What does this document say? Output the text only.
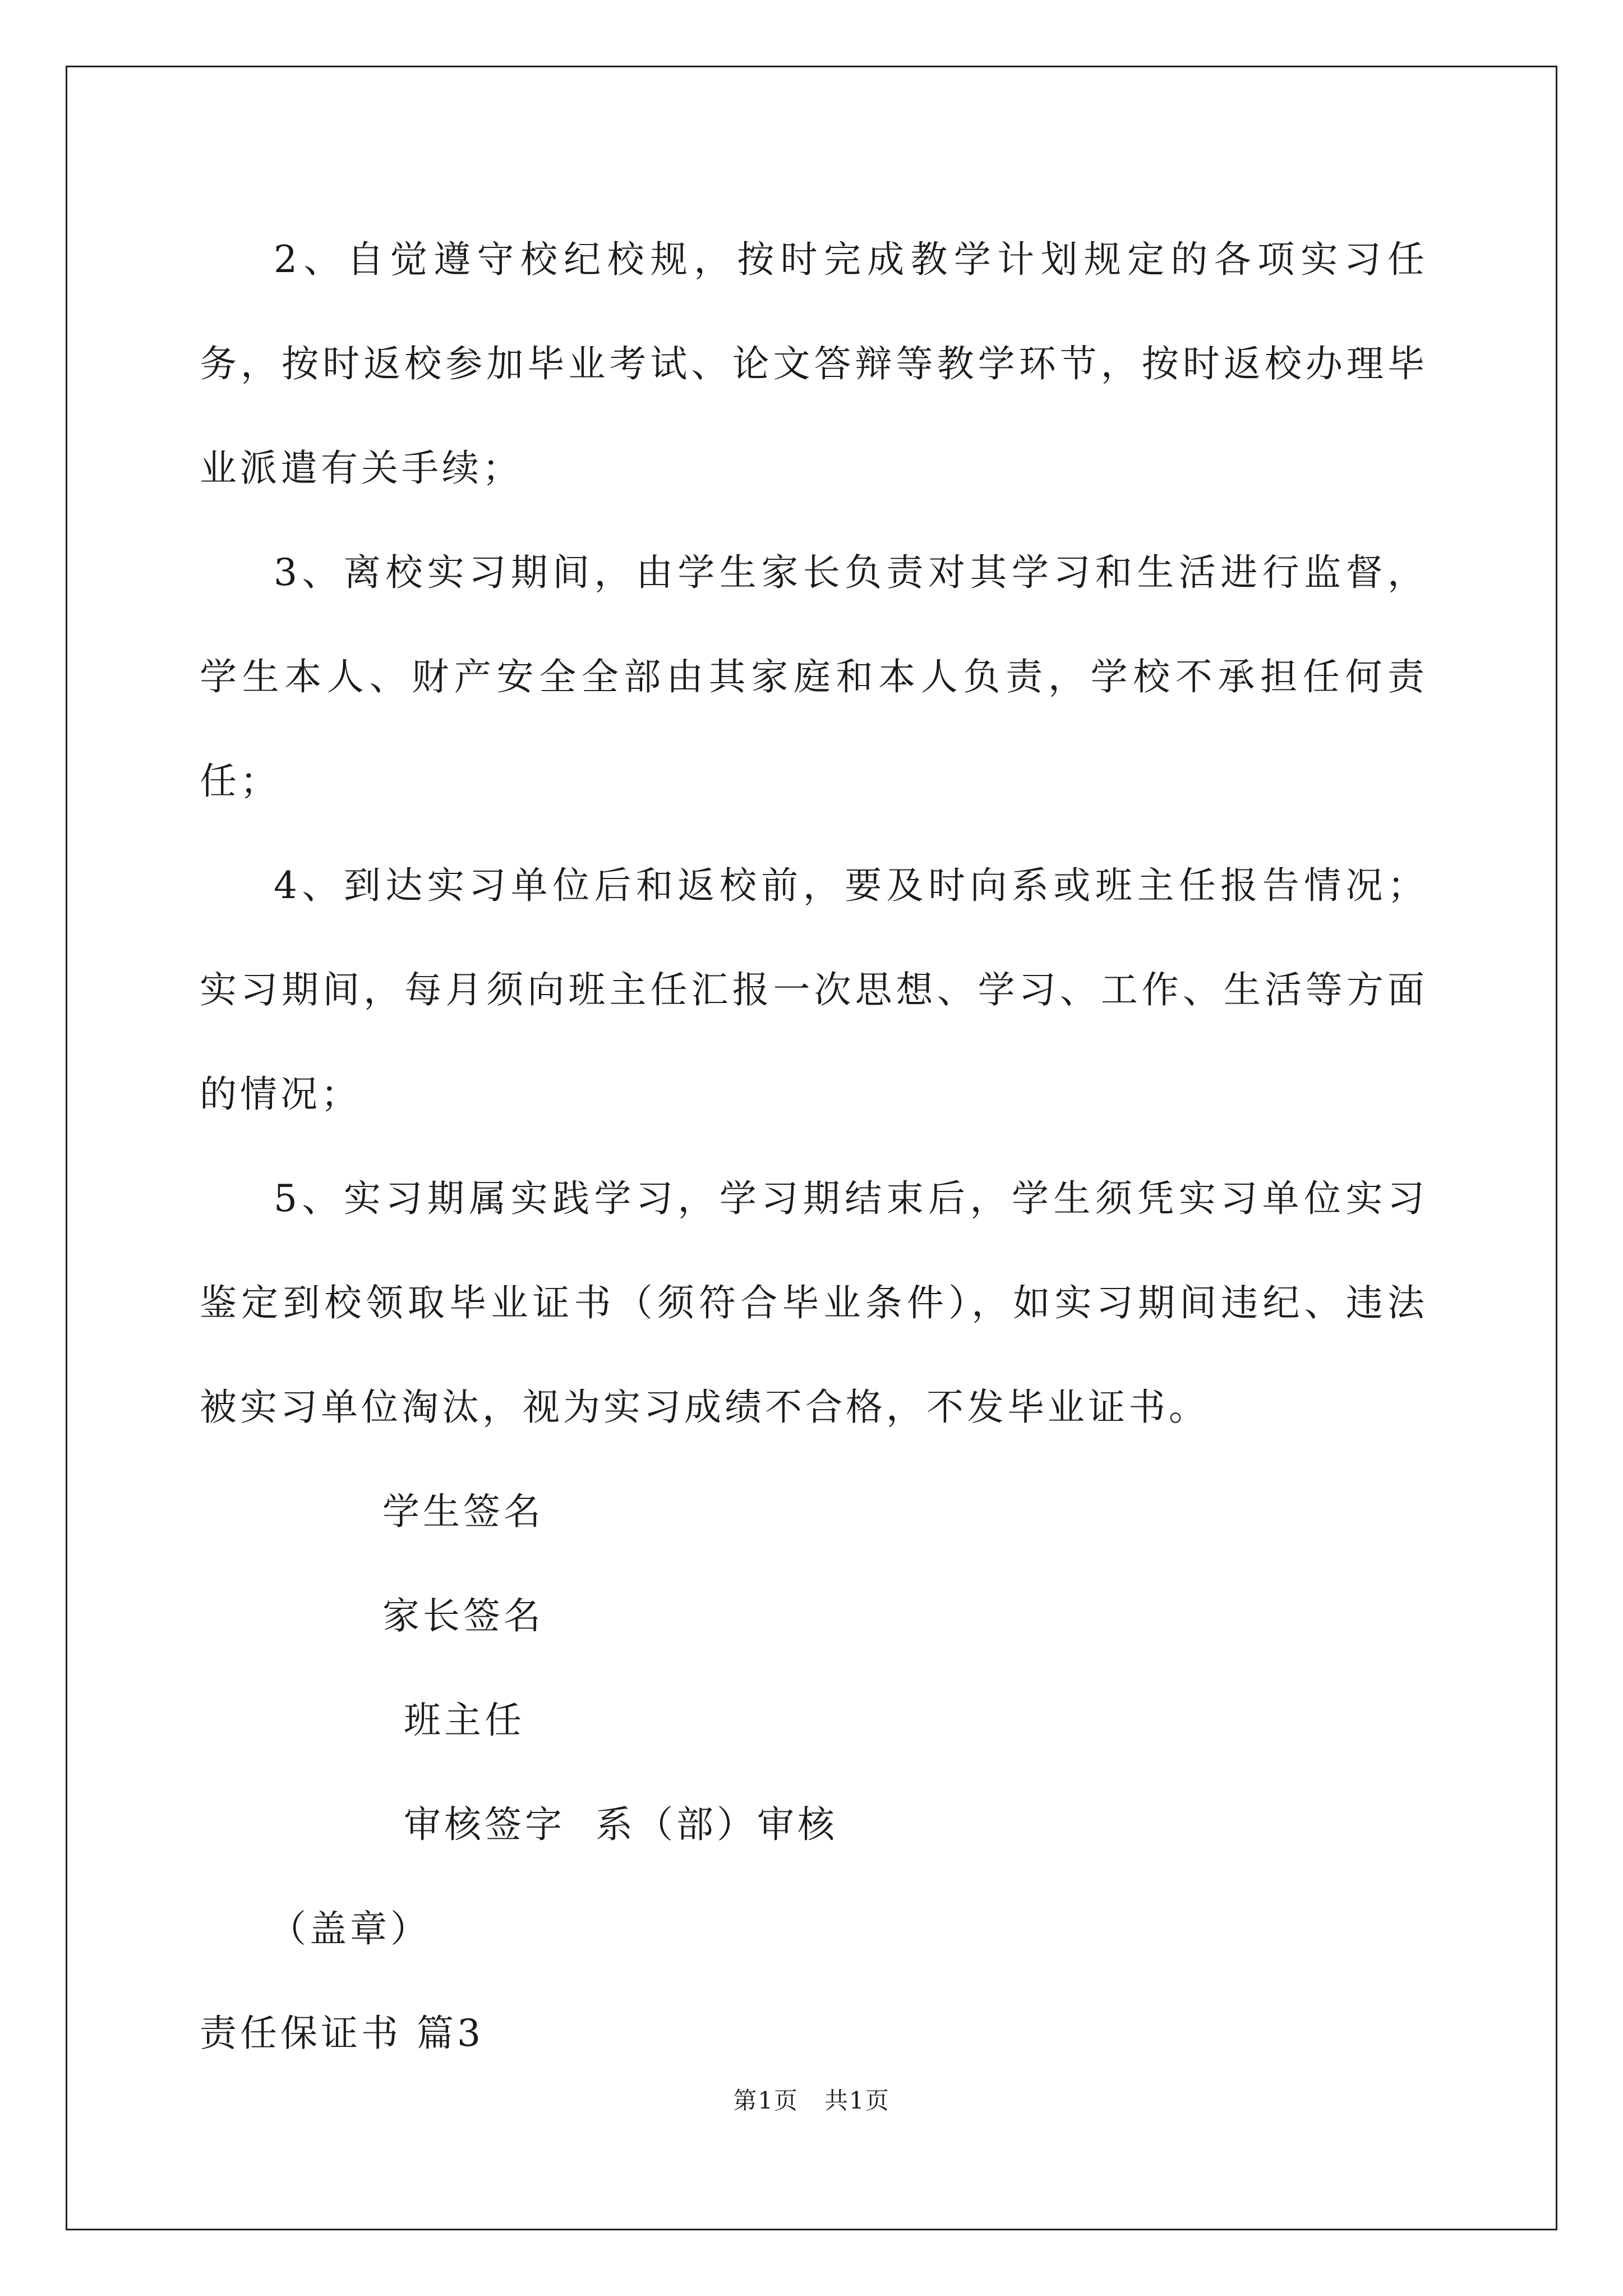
2、自觉遵守校纪校规，按时完成教学计划规定的各项实习任务，按时返校参加毕业考试、论文答辩等教学环节，按时返校办理毕业派遣有关手续；

3、离校实习期间，由学生家长负责对其学习和生活进行监督，学生本人、财产安全全部由其家庭和本人负责，学校不承担任何责任；

4、到达实习单位后和返校前，要及时向系或班主任报告情况；实习期间，每月须向班主任汇报一次思想、学习、工作、生活等方面的情况；

5、实习期属实践学习，学习期结束后，学生须凭实习单位实习鉴定到校领取毕业证书（须符合毕业条件），如实习期间违纪、违法被实习单位淘汰，视为实习成绩不合格，不发毕业证书。

学生签名

家长签名

班主任

审核签字  系（部）审核

（盖章）

责任保证书 篇3

第1页   共1页
